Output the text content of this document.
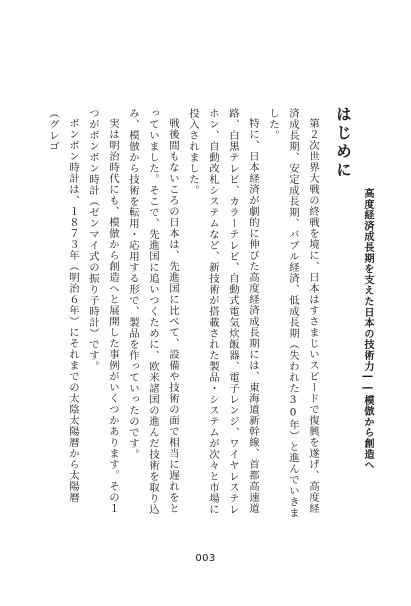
はじめに
高度経済成長期を支えた日本の技術力――模倣から創造へ

第２次世界大戦の終戦を境に、日本はすさまじいスピードで復興を遂げ、高度経済成長期、安定成長期、バブル経済、低成長期（失われた30年）と進んでいきました。

特に、日本経済が劇的に伸びた高度経済成長期には、東海道新幹線、首都高速道路、白黒テレビ、カラーテレビ、自動式電気炊飯器、電子レンジ、ワイヤレステレホン、自動改札システムなど、新技術が搭載された製品・システムが次々と市場に投入されました。

戦後間もないころの日本は、先進国に比べて、設備や技術の面で相当に遅れをとっていました。そこで、先進国に追いつくために、欧米諸国の進んだ技術を取り込み、模倣から技術を転用・応用する形で、製品を作っていったのです。

実は明治時代にも、模倣から創造へと展開した事例がいくつかあります。その１つがボンボン時計（ゼンマイ式の振り子時計）です。

ボンボン時計は、１８７３年（明治６年）にそれまでの太陰太陽暦から太陽暦（グレゴ

003
